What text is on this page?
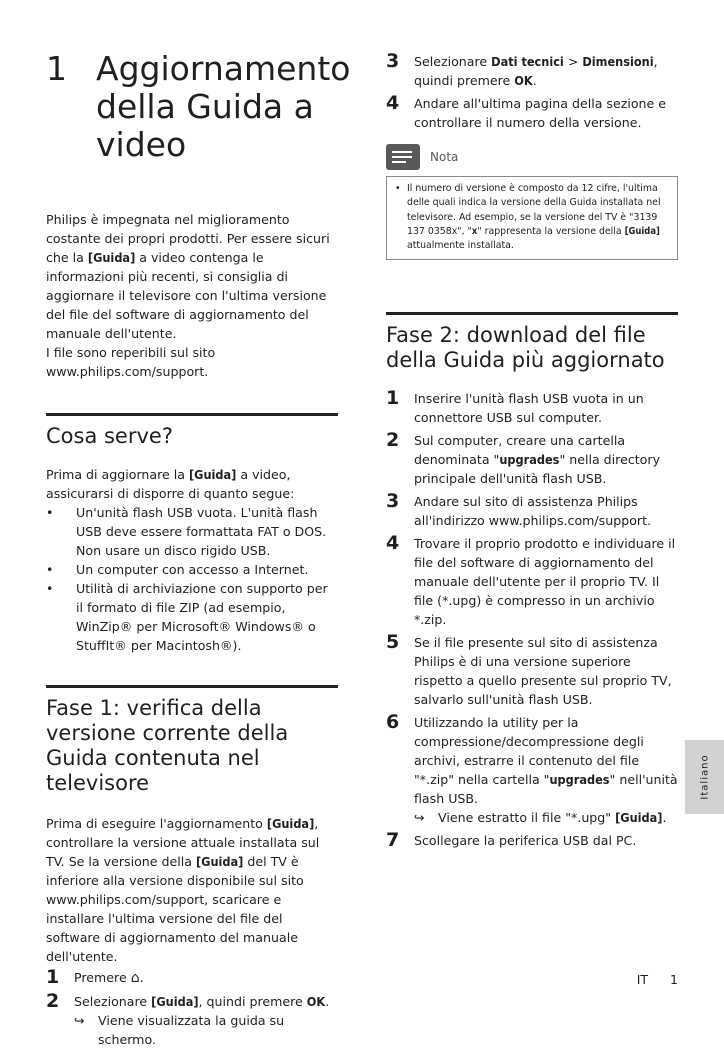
1 Aggiornamento della Guida a video

Philips è impegnata nel miglioramento costante dei propri prodotti. Per essere sicuri che la [Guida] a video contenga le informazioni più recenti, si consiglia di aggiornare il televisore con l'ultima versione del file del software di aggiornamento del manuale dell'utente.

I file sono reperibili sul sito www.philips.com/support.

Cosa serve?

Prima di aggiornare la [Guida] a video, assicurarsi di disporre di quanto segue:

•	Un'unità flash USB vuota. L'unità flash USB deve essere formattata FAT o DOS. Non usare un disco rigido USB.
•	Un computer con accesso a Internet.
•	Utilità di archiviazione con supporto per il formato di file ZIP (ad esempio, WinZip® per Microsoft® Windows® o StuffIt® per Macintosh®).
Fase 1: verifica della versione corrente della Guida contenuta nel televisore

Prima di eseguire l'aggiornamento [Guida], controllare la versione attuale installata sul TV. Se la versione della [Guida] del TV è inferiore alla versione disponibile sul sito www.philips.com/support, scaricare e installare l'ultima versione del file del software di aggiornamento del manuale dell'utente.

1	Premere ⌂.
2	Selezionare [Guida], quindi premere OK.
↪	Viene visualizzata la guida su schermo.
3	Selezionare Dati tecnici > Dimensioni, quindi premere OK.
4	Andare all'ultima pagina della sezione e controllare il numero della versione.
Nota
• Il numero di versione è composto da 12 cifre, l'ultima delle quali indica la versione della Guida installata nel televisore. Ad esempio, se la versione del TV è "3139 137 0358x", "x" rappresenta la versione della [Guida] attualmente installata.
Fase 2: download del file della Guida più aggiornato
1	Inserire l'unità flash USB vuota in un connettore USB sul computer.
2	Sul computer, creare una cartella denominata "upgrades" nella directory principale dell'unità flash USB.
3	Andare sul sito di assistenza Philips all'indirizzo www.philips.com/support.
4	Trovare il proprio prodotto e individuare il file del software di aggiornamento del manuale dell'utente per il proprio TV. Il file (*.upg) è compresso in un archivio *.zip.
5	Se il file presente sul sito di assistenza Philips è di una versione superiore rispetto a quello presente sul proprio TV, salvarlo sull'unità flash USB.
6	Utilizzando la utility per la compressione/decompressione degli archivi, estrarre il contenuto del file "*.zip" nella cartella "upgrades" nell'unità flash USB.
↪	Viene estratto il file "*.upg" [Guida].
7	Scollegare la periferica USB dal PC.
Italiano
IT 1
